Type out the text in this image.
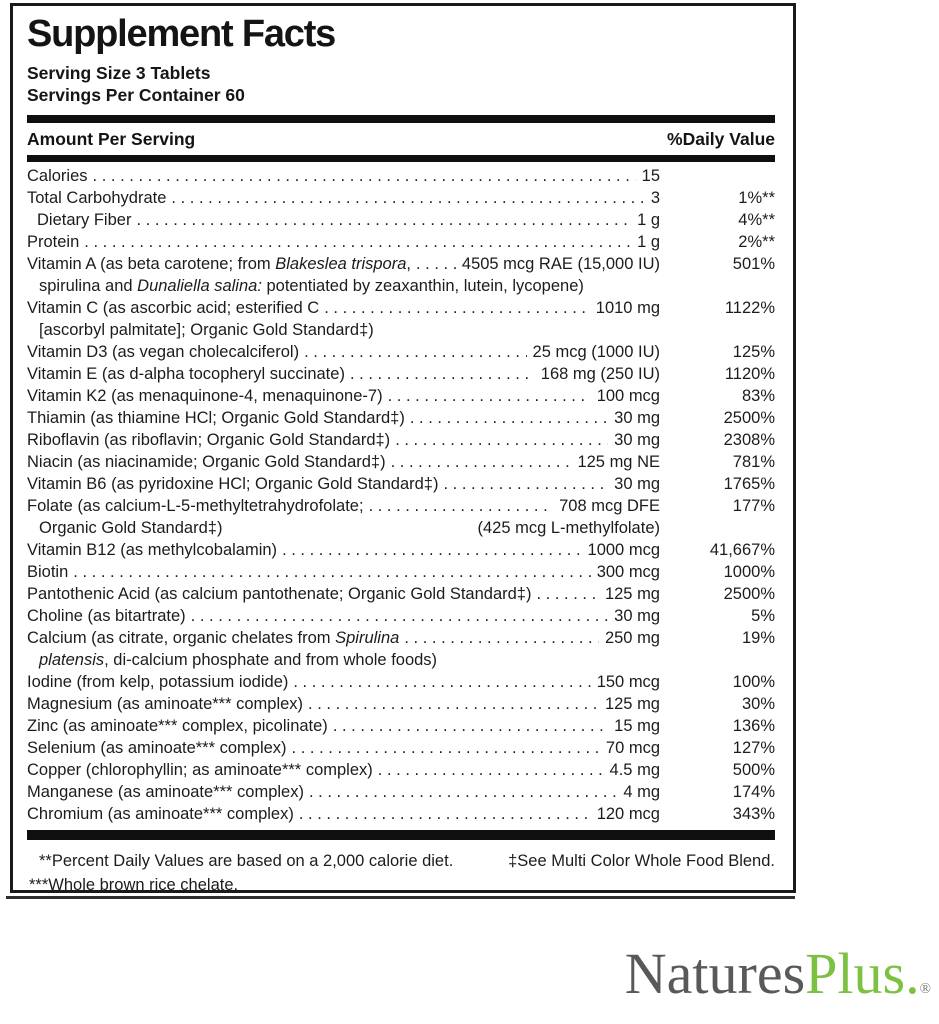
Supplement Facts
Serving Size 3 Tablets
Servings Per Container 60
Amount Per Serving	%Daily Value
Calories .....	15

Total Carbohydrate .....	3	1%**
Dietary Fiber .....	1 g	4%**
Protein .....	1 g	2%**
Vitamin A (as beta carotene; from Blakeslea trispora, .....	4505 mcg RAE (15,000 IU)	501%
spirulina and Dunaliella salina: potentiated by zeaxanthin, lutein, lycopene)

Vitamin C (as ascorbic acid; esterified C .....	1010 mg	1122%
[ascorbyl palmitate]; Organic Gold Standard‡)

Vitamin D3 (as vegan cholecalciferol) .....	25 mcg (1000 IU)	125%
Vitamin E (as d-alpha tocopheryl succinate) .....	168 mg (250 IU)	1120%
Vitamin K2 (as menaquinone-4, menaquinone-7) .....	100 mcg	83%
Thiamin (as thiamine HCl; Organic Gold Standard‡) .....	30 mg	2500%
Riboflavin (as riboflavin; Organic Gold Standard‡) .....	30 mg	2308%
Niacin (as niacinamide; Organic Gold Standard‡) .....	125 mg NE	781%
Vitamin B6 (as pyridoxine HCl; Organic Gold Standard‡) .....	30 mg	1765%
Folate (as calcium-L-5-methyltetrahydrofolate; .....	708 mcg DFE	177%
Organic Gold Standard‡)	(425 mcg L-methylfolate)

Vitamin B12 (as methylcobalamin) .....	1000 mcg	41,667%
Biotin .....	300 mcg	1000%
Pantothenic Acid (as calcium pantothenate; Organic Gold Standard‡) .....	125 mg	2500%
Choline (as bitartrate) .....	30 mg	5%
Calcium (as citrate, organic chelates from Spirulina .....	250 mg	19%
platensis, di-calcium phosphate and from whole foods)

Iodine (from kelp, potassium iodide) .....	150 mcg	100%
Magnesium (as aminoate*** complex) .....	125 mg	30%
Zinc (as aminoate*** complex, picolinate) .....	15 mg	136%
Selenium (as aminoate*** complex) .....	70 mcg	127%
Copper (chlorophyllin; as aminoate*** complex) .....	4.5 mg	500%
Manganese (as aminoate*** complex) .....	4 mg	174%
Chromium (as aminoate*** complex) .....	120 mcg	343%
**Percent Daily Values are based on a 2,000 calorie diet.	‡See Multi Color Whole Food Blend.
***Whole brown rice chelate.
NaturesPlus.®
